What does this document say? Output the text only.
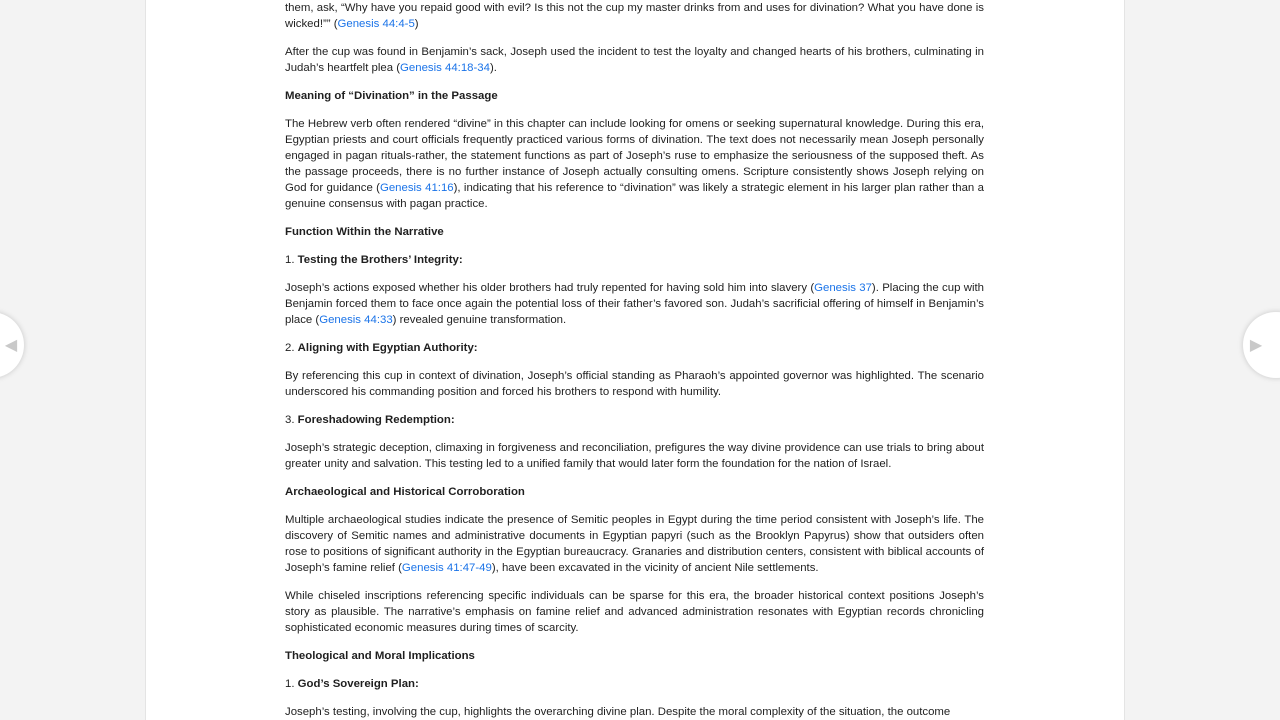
◀

them, ask, “Why have you repaid good with evil? Is this not the cup my master drinks from and uses for divination? What you have done is wicked!”” (Genesis 44:4-5)

After the cup was found in Benjamin’s sack, Joseph used the incident to test the loyalty and changed hearts of his brothers, culminating in Judah’s heartfelt plea (Genesis 44:18-34).

Meaning of “Divination” in the Passage

The Hebrew verb often rendered “divine” in this chapter can include looking for omens or seeking supernatural knowledge. During this era, Egyptian priests and court officials frequently practiced various forms of divination. The text does not necessarily mean Joseph personally engaged in pagan rituals-rather, the statement functions as part of Joseph’s ruse to emphasize the seriousness of the supposed theft. As the passage proceeds, there is no further instance of Joseph actually consulting omens. Scripture consistently shows Joseph relying on God for guidance (Genesis 41:16), indicating that his reference to “divination” was likely a strategic element in his larger plan rather than a genuine consensus with pagan practice.

Function Within the Narrative

1. Testing the Brothers’ Integrity:

Joseph’s actions exposed whether his older brothers had truly repented for having sold him into slavery (Genesis 37). Placing the cup with Benjamin forced them to face once again the potential loss of their father’s favored son. Judah’s sacrificial offering of himself in Benjamin’s place (Genesis 44:33) revealed genuine transformation.

2. Aligning with Egyptian Authority:

By referencing this cup in context of divination, Joseph’s official standing as Pharaoh’s appointed governor was highlighted. The scenario underscored his commanding position and forced his brothers to respond with humility.

3. Foreshadowing Redemption:

Joseph’s strategic deception, climaxing in forgiveness and reconciliation, prefigures the way divine providence can use trials to bring about greater unity and salvation. This testing led to a unified family that would later form the foundation for the nation of Israel.

Archaeological and Historical Corroboration

Multiple archaeological studies indicate the presence of Semitic peoples in Egypt during the time period consistent with Joseph’s life. The discovery of Semitic names and administrative documents in Egyptian papyri (such as the Brooklyn Papyrus) show that outsiders often rose to positions of significant authority in the Egyptian bureaucracy. Granaries and distribution centers, consistent with biblical accounts of Joseph’s famine relief (Genesis 41:47-49), have been excavated in the vicinity of ancient Nile settlements.

While chiseled inscriptions referencing specific individuals can be sparse for this era, the broader historical context positions Joseph’s story as plausible. The narrative’s emphasis on famine relief and advanced administration resonates with Egyptian records chronicling sophisticated economic measures during times of scarcity.

Theological and Moral Implications

1. God’s Sovereign Plan:

Joseph’s testing, involving the cup, highlights the overarching divine plan. Despite the moral complexity of the situation, the outcome

▶
